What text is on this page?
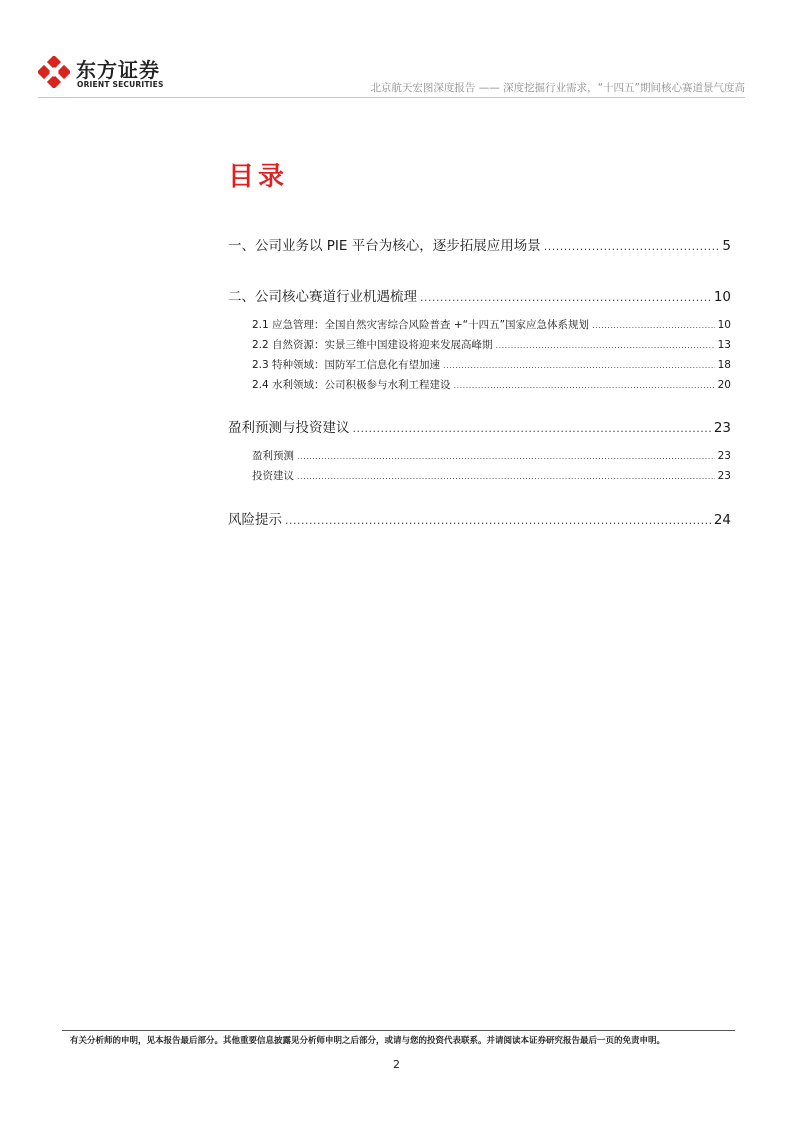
东方证券
ORIENT SECURITIES	北京航天宏图深度报告 —— 深度挖掘行业需求，“十四五”期间核心赛道景气度高
目录
一、公司业务以 PIE 平台为核心，逐步拓展应用场景 .....	5
二、公司核心赛道行业机遇梳理 .....	10
2.1 应急管理：全国自然灾害综合风险普查 +“十四五”国家应急体系规划 .....	10
2.2 自然资源：实景三维中国建设将迎来发展高峰期 .....	13
2.3 特种领域：国防军工信息化有望加速 .....	18
2.4 水利领域：公司积极参与水利工程建设 .....	20
盈利预测与投资建议 .....	23
盈利预测 .....	23
投资建议 .....	23
风险提示 .....	24
有关分析师的申明，见本报告最后部分。其他重要信息披露见分析师申明之后部分，或请与您的投资代表联系。并请阅读本证券研究报告最后一页的免责申明。
2
